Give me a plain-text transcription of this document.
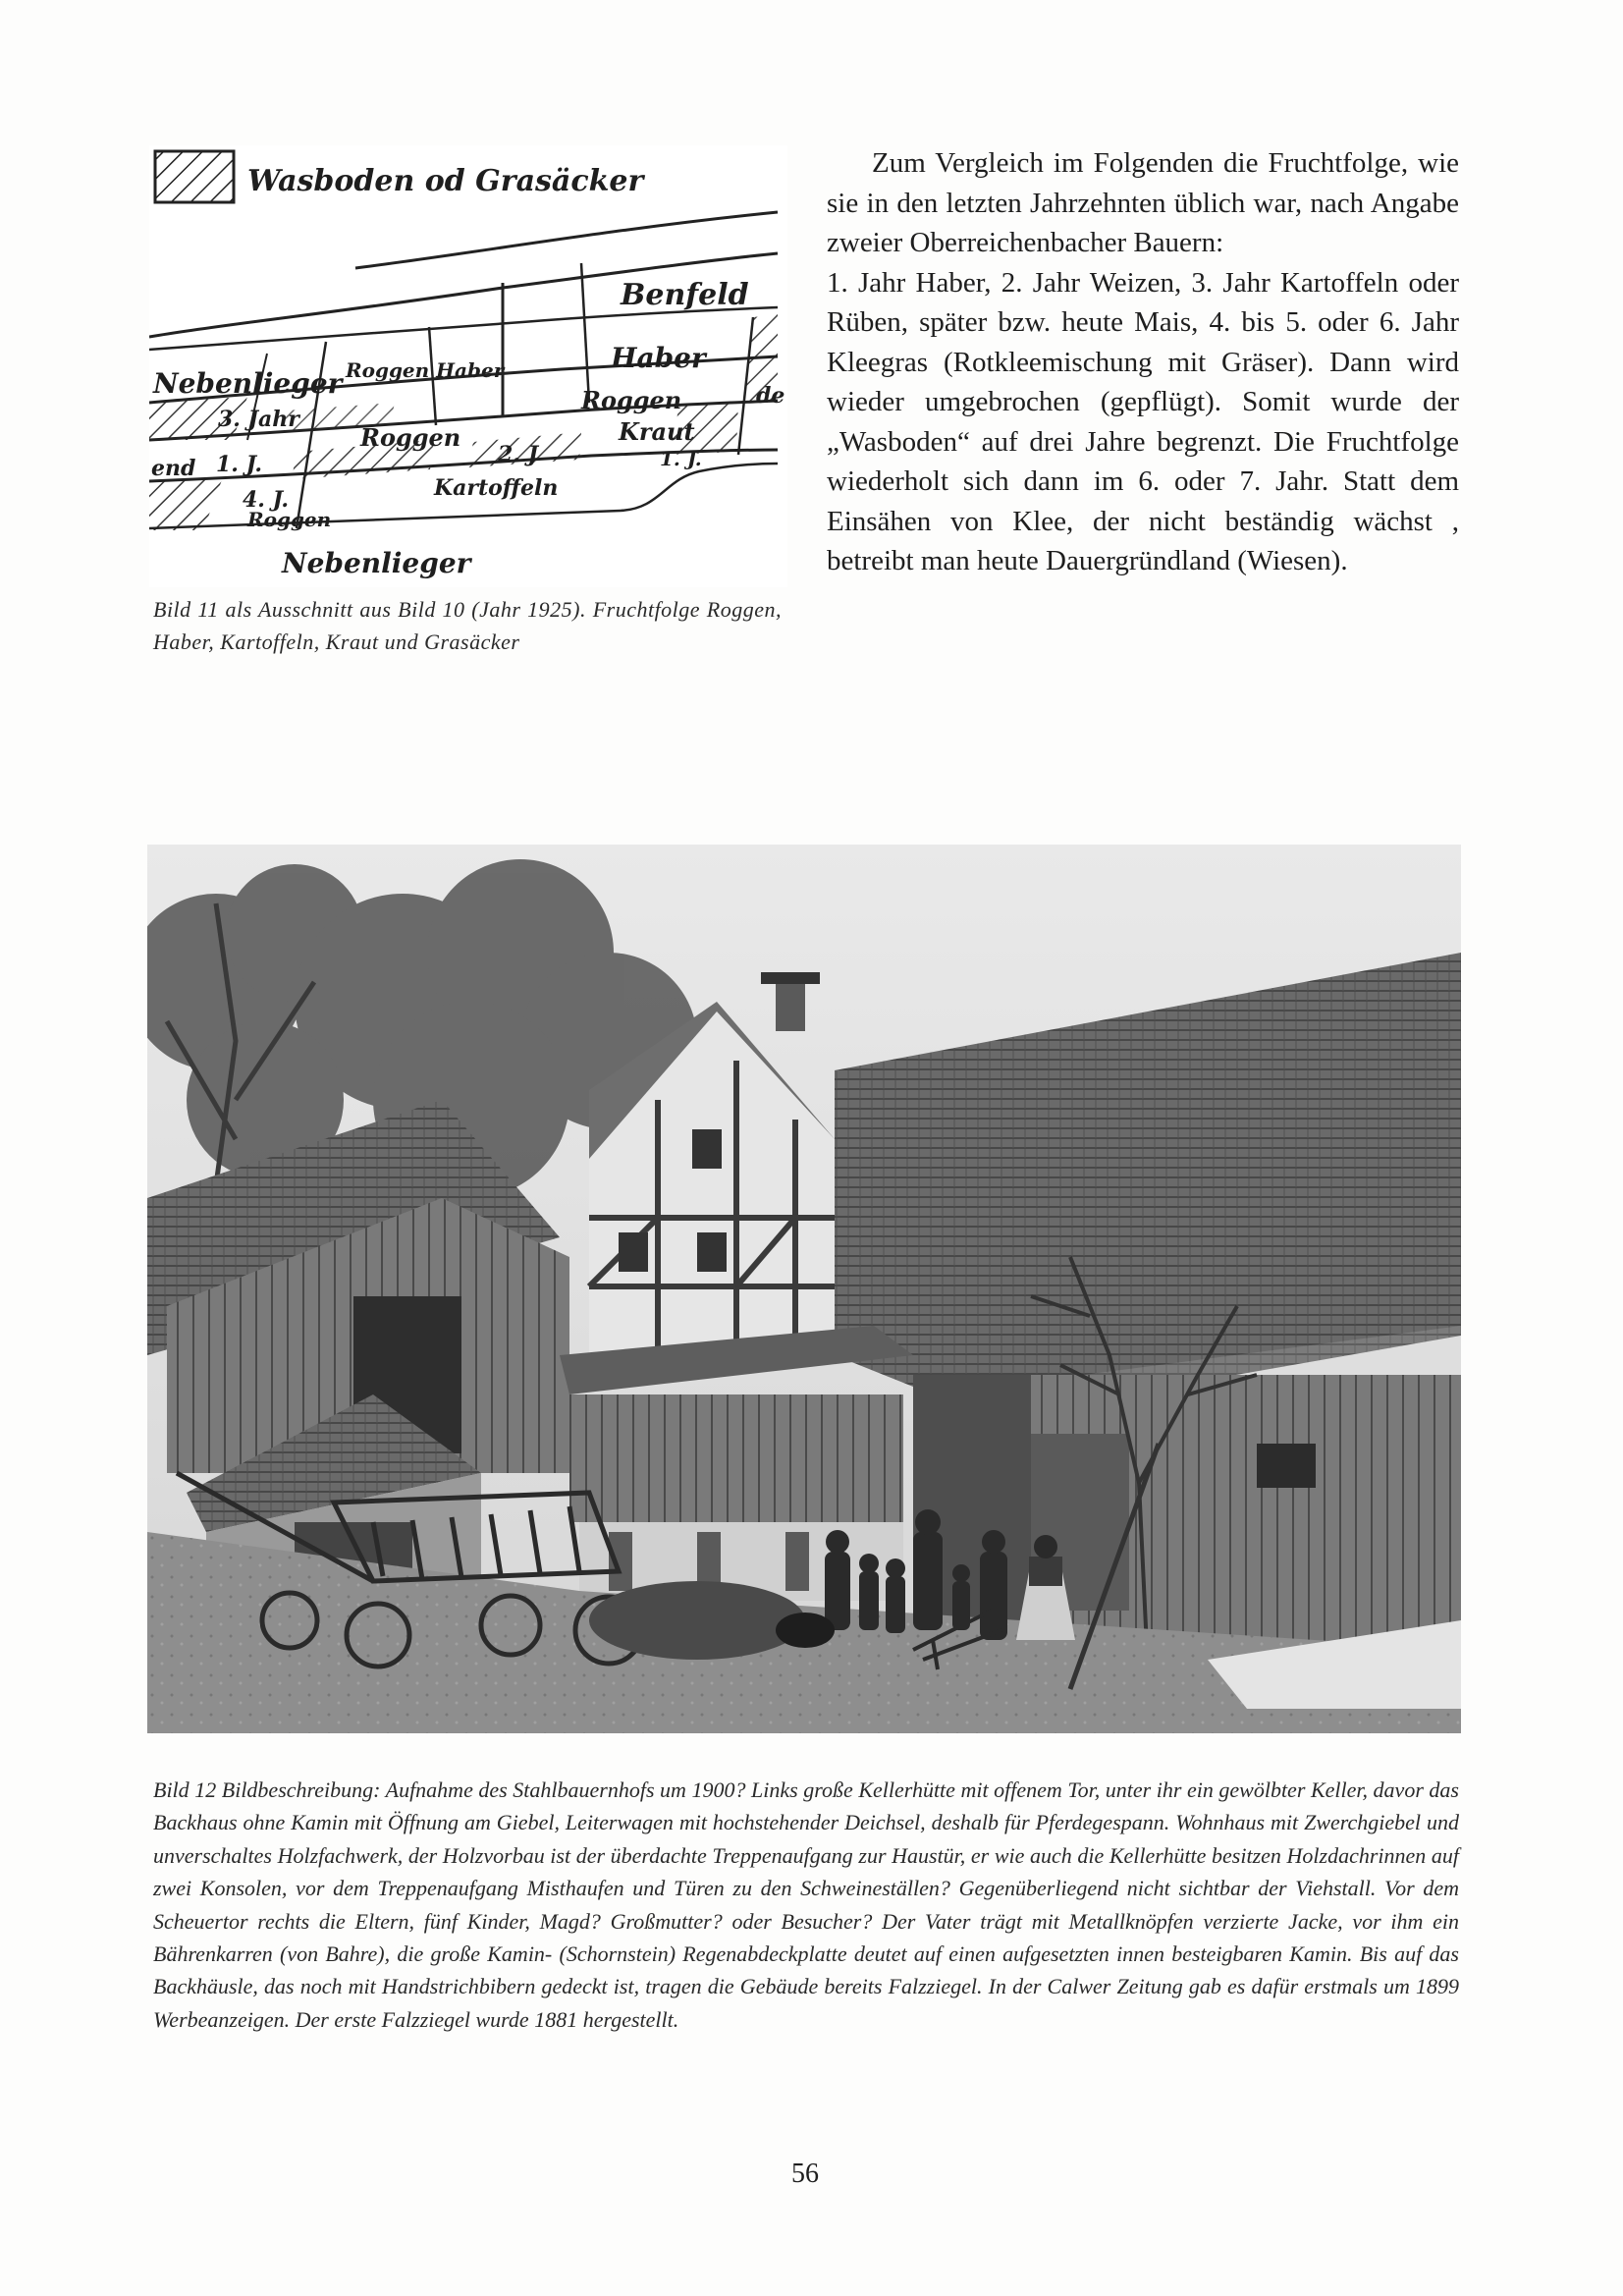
Wasboden od Grasäcker
Benfeld
Nebenlieger Roggen Haber	Haber
de
3. Jahr
Roggen
end 1. J.
Roggen	Kraut
2. J
4. J.	Kartoffeln
1. J.
Roggen
Nebenlieger
Bild 11 als Ausschnitt aus Bild 10 (Jahr 1925). Fruchtfolge Roggen, Haber, Kartoffeln, Kraut und Grasäcker

Zum Vergleich im Folgenden die Fruchtfolge, wie sie in den letzten Jahrzehnten üblich war, nach Angabe zweier Oberreichenbacher Bauern:

1. Jahr Haber, 2. Jahr Weizen, 3. Jahr Kartoffeln oder Rüben, später bzw. heute Mais, 4. bis 5. oder 6. Jahr Kleegras (Rotkleemischung mit Gräser). Dann wird wieder umgebrochen (gepflügt). Somit wurde der „Wasboden“ auf drei Jahre begrenzt. Die Fruchtfolge wiederholt sich dann im 6. oder 7. Jahr. Statt dem Einsähen von Klee, der nicht beständig wächst , betreibt man heute Dauergründland (Wiesen).

Bild 12 Bildbeschreibung: Aufnahme des Stahlbauernhofs um 1900? Links große Kellerhütte mit offenem Tor, unter ihr ein gewölbter Keller, davor das Backhaus ohne Kamin mit Öffnung am Giebel, Leiterwagen mit hochstehender Deichsel, deshalb für Pferdegespann. Wohnhaus mit Zwerchgiebel und unverschaltes Holzfachwerk, der Holzvorbau ist der überdachte Treppenaufgang zur Haustür, er wie auch die Kellerhütte besitzen Holzdachrinnen auf zwei Konsolen, vor dem Treppenaufgang Misthaufen und Türen zu den Schweineställen? Gegenüberliegend nicht sichtbar der Viehstall. Vor dem Scheuertor rechts die Eltern, fünf Kinder, Magd? Großmutter? oder Besucher? Der Vater trägt mit Metallknöpfen verzierte Jacke, vor ihm ein Bährenkarren (von Bahre), die große Kamin- (Schornstein) Regenabdeckplatte deutet auf einen aufgesetzten innen besteigbaren Kamin. Bis auf das Backhäusle, das noch mit Handstrichbibern gedeckt ist, tragen die Gebäude bereits Falzziegel. In der Calwer Zeitung gab es dafür erstmals um 1899 Werbeanzeigen. Der erste Falzziegel wurde 1881 hergestellt.
56
